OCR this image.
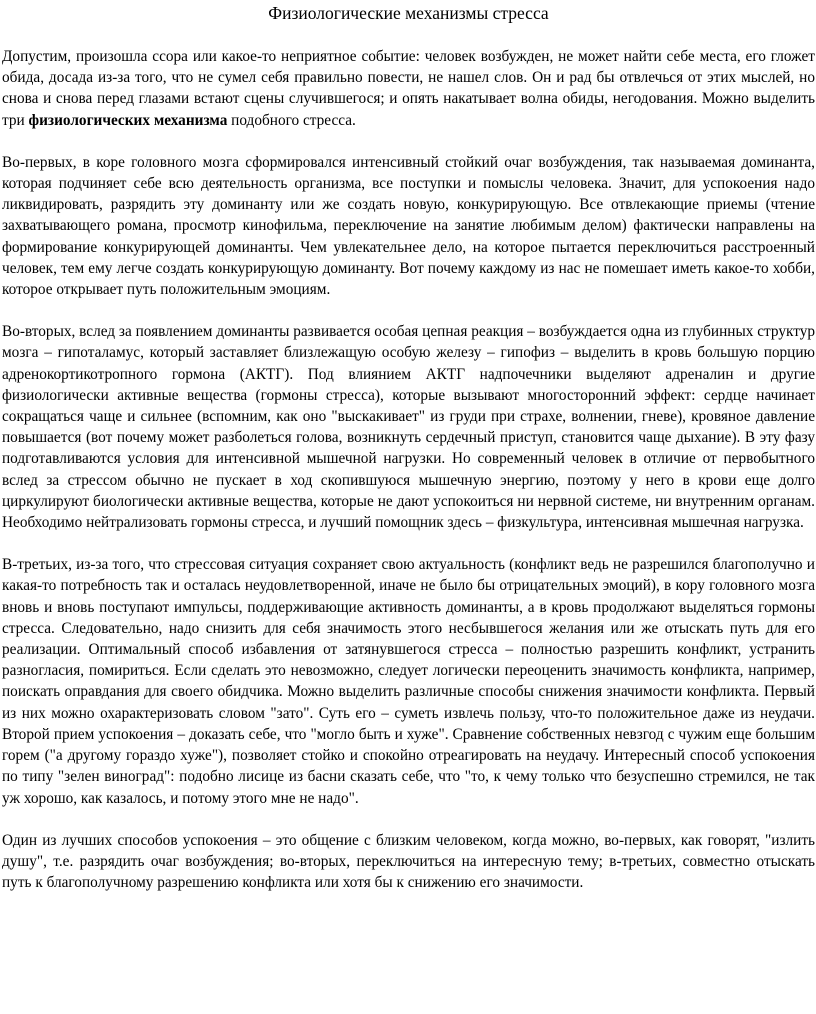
Физиологические механизмы стресса

Допустим, произошла ссора или какое-то неприятное событие: человек возбужден, не может найти себе места, его гложет обида, досада из-за того, что не сумел себя правильно повести, не нашел слов. Он и рад бы отвлечься от этих мыслей, но снова и снова перед глазами встают сцены случившегося; и опять накатывает волна обиды, негодования. Можно выделить три физиологических механизма подобного стресса.

Во-первых, в коре головного мозга сформировался интенсивный стойкий очаг возбуждения, так называемая доминанта, которая подчиняет себе всю деятельность организма, все поступки и помыслы человека. Значит, для успокоения надо ликвидировать, разрядить эту доминанту или же создать новую, конкурирующую. Все отвлекающие приемы (чтение захватывающего романа, просмотр кинофильма, переключение на занятие любимым делом) фактически направлены на формирование конкурирующей доминанты. Чем увлекательнее дело, на которое пытается переключиться расстроенный человек, тем ему легче создать конкурирующую доминанту. Вот почему каждому из нас не помешает иметь какое-то хобби, которое открывает путь положительным эмоциям.

Во-вторых, вслед за появлением доминанты развивается особая цепная реакция – возбуждается одна из глубинных структур мозга – гипоталамус, который заставляет близлежащую особую железу – гипофиз – выделить в кровь большую порцию адренокортикотропного гормона (АКТГ). Под влиянием АКТГ надпочечники выделяют адреналин и другие физиологически активные вещества (гормоны стресса), которые вызывают многосторонний эффект: сердце начинает сокращаться чаще и сильнее (вспомним, как оно "выскакивает" из груди при страхе, волнении, гневе), кровяное давление повышается (вот почему может разболеться голова, возникнуть сердечный приступ, становится чаще дыхание). В эту фазу подготавливаются условия для интенсивной мышечной нагрузки. Но современный человек в отличие от первобытного вслед за стрессом обычно не пускает в ход скопившуюся мышечную энергию, поэтому у него в крови еще долго циркулируют биологически активные вещества, которые не дают успокоиться ни нервной системе, ни внутренним органам. Необходимо нейтрализовать гормоны стресса, и лучший помощник здесь – физкультура, интенсивная мышечная нагрузка.

В-третьих, из-за того, что стрессовая ситуация сохраняет свою актуальность (конфликт ведь не разрешился благополучно и какая-то потребность так и осталась неудовлетворенной, иначе не было бы отрицательных эмоций), в кору головного мозга вновь и вновь поступают импульсы, поддерживающие активность доминанты, а в кровь продолжают выделяться гормоны стресса. Следовательно, надо снизить для себя значимость этого несбывшегося желания или же отыскать путь для его реализации. Оптимальный способ избавления от затянувшегося стресса – полностью разрешить конфликт, устранить разногласия, помириться. Если сделать это невозможно, следует логически переоценить значимость конфликта, например, поискать оправдания для своего обидчика. Можно выделить различные способы снижения значимости конфликта. Первый из них можно охарактеризовать словом "зато". Суть его – суметь извлечь пользу, что-то положительное даже из неудачи. Второй прием успокоения – доказать себе, что "могло быть и хуже". Сравнение собственных невзгод с чужим еще большим горем ("а другому гораздо хуже"), позволяет стойко и спокойно отреагировать на неудачу. Интересный способ успокоения по типу "зелен виноград": подобно лисице из басни сказать себе, что "то, к чему только что безуспешно стремился, не так уж хорошо, как казалось, и потому этого мне не надо".

Один из лучших способов успокоения – это общение с близким человеком, когда можно, во-первых, как говорят, "излить душу", т.е. разрядить очаг возбуждения; во-вторых, переключиться на интересную тему; в-третьих, совместно отыскать путь к благополучному разрешению конфликта или хотя бы к снижению его значимости.
